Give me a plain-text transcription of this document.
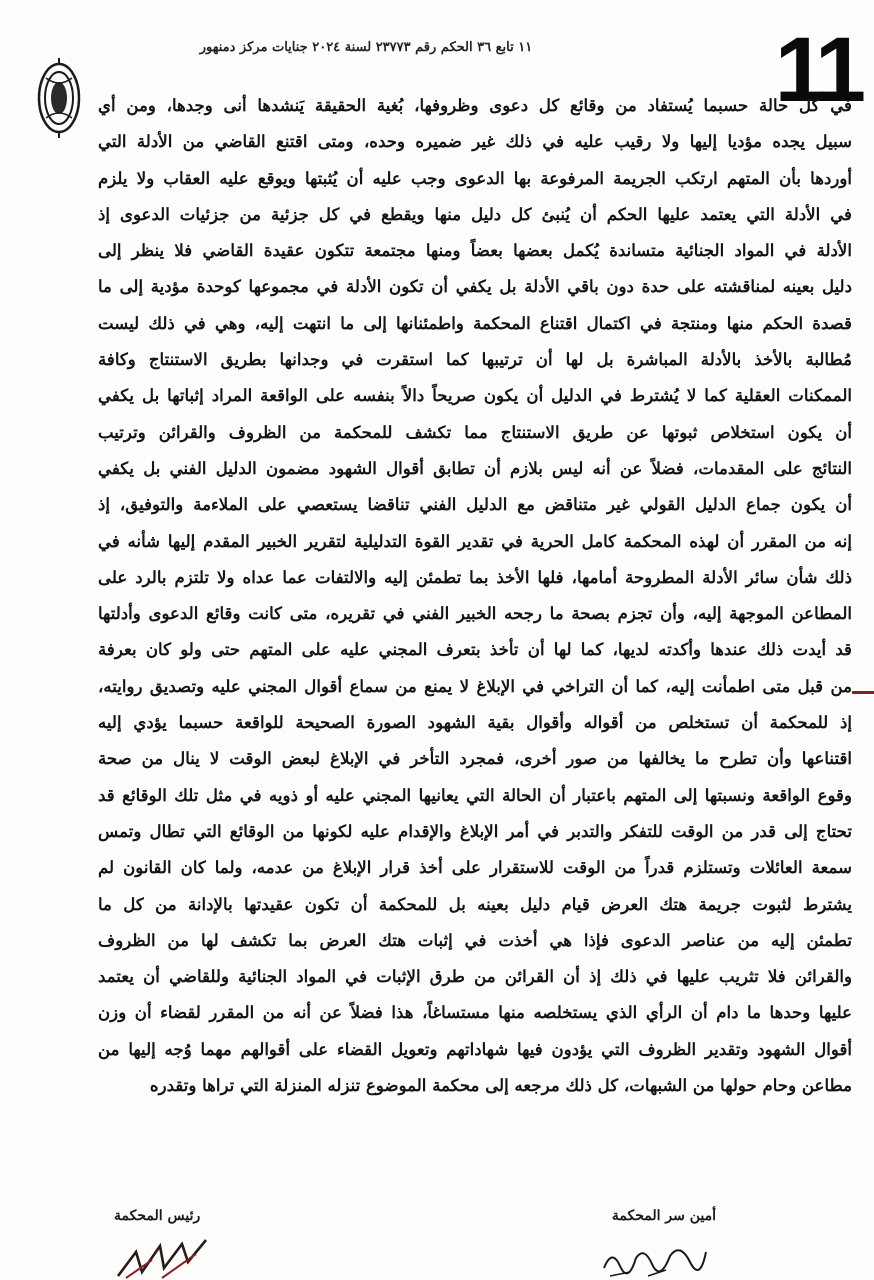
11
١١ تابع ٣٦ الحكم رقم ٢٣٧٧٣ لسنة ٢٠٢٤ جنايات مركز دمنهور
في كل حالة حسبما يُستفاد من وقائع كل دعوى وظروفها، بُغية الحقيقة يَنشدها أنى وجدها، ومن أي
سبيل يجده مؤديا إليها ولا رقيب عليه في ذلك غير ضميره وحده، ومتى اقتنع القاضي من الأدلة التي
أوردها بأن المتهم ارتكب الجريمة المرفوعة بها الدعوى وجب عليه أن يُثبتها ويوقع عليه العقاب ولا يلزم
في الأدلة التي يعتمد عليها الحكم أن يُنبئ كل دليل منها ويقطع في كل جزئية من جزئيات الدعوى إذ
الأدلة في المواد الجنائية متساندة يُكمل بعضها بعضاً ومنها مجتمعة تتكون عقيدة القاضي فلا ينظر إلى
دليل بعينه لمناقشته على حدة دون باقي الأدلة بل يكفي أن تكون الأدلة في مجموعها كوحدة مؤدية إلى ما
قصدة الحكم منها ومنتجة في اكتمال اقتناع المحكمة واطمئنانها إلى ما انتهت إليه، وهي في ذلك ليست
مُطالبة بالأخذ بالأدلة المباشرة بل لها أن ترتيبها كما استقرت في وجدانها بطريق الاستنتاج وكافة
الممكنات العقلية كما لا يُشترط في الدليل أن يكون صريحاً دالاً بنفسه على الواقعة المراد إثباتها بل يكفي
أن يكون استخلاص ثبوتها عن طريق الاستنتاج مما تكشف للمحكمة من الظروف والقرائن وترتيب
النتائج على المقدمات، فضلاً عن أنه ليس بلازم أن تطابق أقوال الشهود مضمون الدليل الفني بل يكفي
أن يكون جماع الدليل القولي غير متناقض مع الدليل الفني تناقضا يستعصي على الملاءمة والتوفيق، إذ
إنه من المقرر أن لهذه المحكمة كامل الحرية في تقدير القوة التدليلية لتقرير الخبير المقدم إليها شأنه في
ذلك شأن سائر الأدلة المطروحة أمامها، فلها الأخذ بما تطمئن إليه والالتفات عما عداه ولا تلتزم بالرد على
المطاعن الموجهة إليه، وأن تجزم بصحة ما رجحه الخبير الفني في تقريره، متى كانت وقائع الدعوى وأدلتها
قد أيدت ذلك عندها وأكدته لديها، كما لها أن تأخذ بتعرف المجني عليه على المتهم حتى ولو كان بعرفة
من قبل متى اطمأنت إليه، كما أن التراخي في الإبلاغ لا يمنع من سماع أقوال المجني عليه وتصديق روايته،
إذ للمحكمة أن تستخلص من أقواله وأقوال بقية الشهود الصورة الصحيحة للواقعة حسبما يؤدي إليه
اقتناعها وأن تطرح ما يخالفها من صور أخرى، فمجرد التأخر في الإبلاغ لبعض الوقت لا ينال من صحة
وقوع الواقعة ونسبتها إلى المتهم باعتبار أن الحالة التي يعانيها المجني عليه أو ذويه في مثل تلك الوقائع قد
تحتاج إلى قدر من الوقت للتفكر والتدبر في أمر الإبلاغ والإقدام عليه لكونها من الوقائع التي تطال وتمس
سمعة العائلات وتستلزم قدراً من الوقت للاستقرار على أخذ قرار الإبلاغ من عدمه، ولما كان القانون لم
يشترط لثبوت جريمة هتك العرض قيام دليل بعينه بل للمحكمة أن تكون عقيدتها بالإدانة من كل ما
تطمئن إليه من عناصر الدعوى فإذا هي أخذت في إثبات هتك العرض بما تكشف لها من الظروف
والقرائن فلا تثريب عليها في ذلك إذ أن القرائن من طرق الإثبات في المواد الجنائية وللقاضي أن يعتمد
عليها وحدها ما دام أن الرأي الذي يستخلصه منها مستساغاً، هذا فضلاً عن أنه من المقرر لقضاء أن وزن
أقوال الشهود وتقدير الظروف التي يؤدون فيها شهاداتهم وتعويل القضاء على أقوالهم مهما وُجه إليها من
مطاعن وحام حولها من الشبهات، كل ذلك مرجعه إلى محكمة الموضوع تنزله المنزلة التي تراها وتقدره
أمين سر المحكمة
رئيس المحكمة
